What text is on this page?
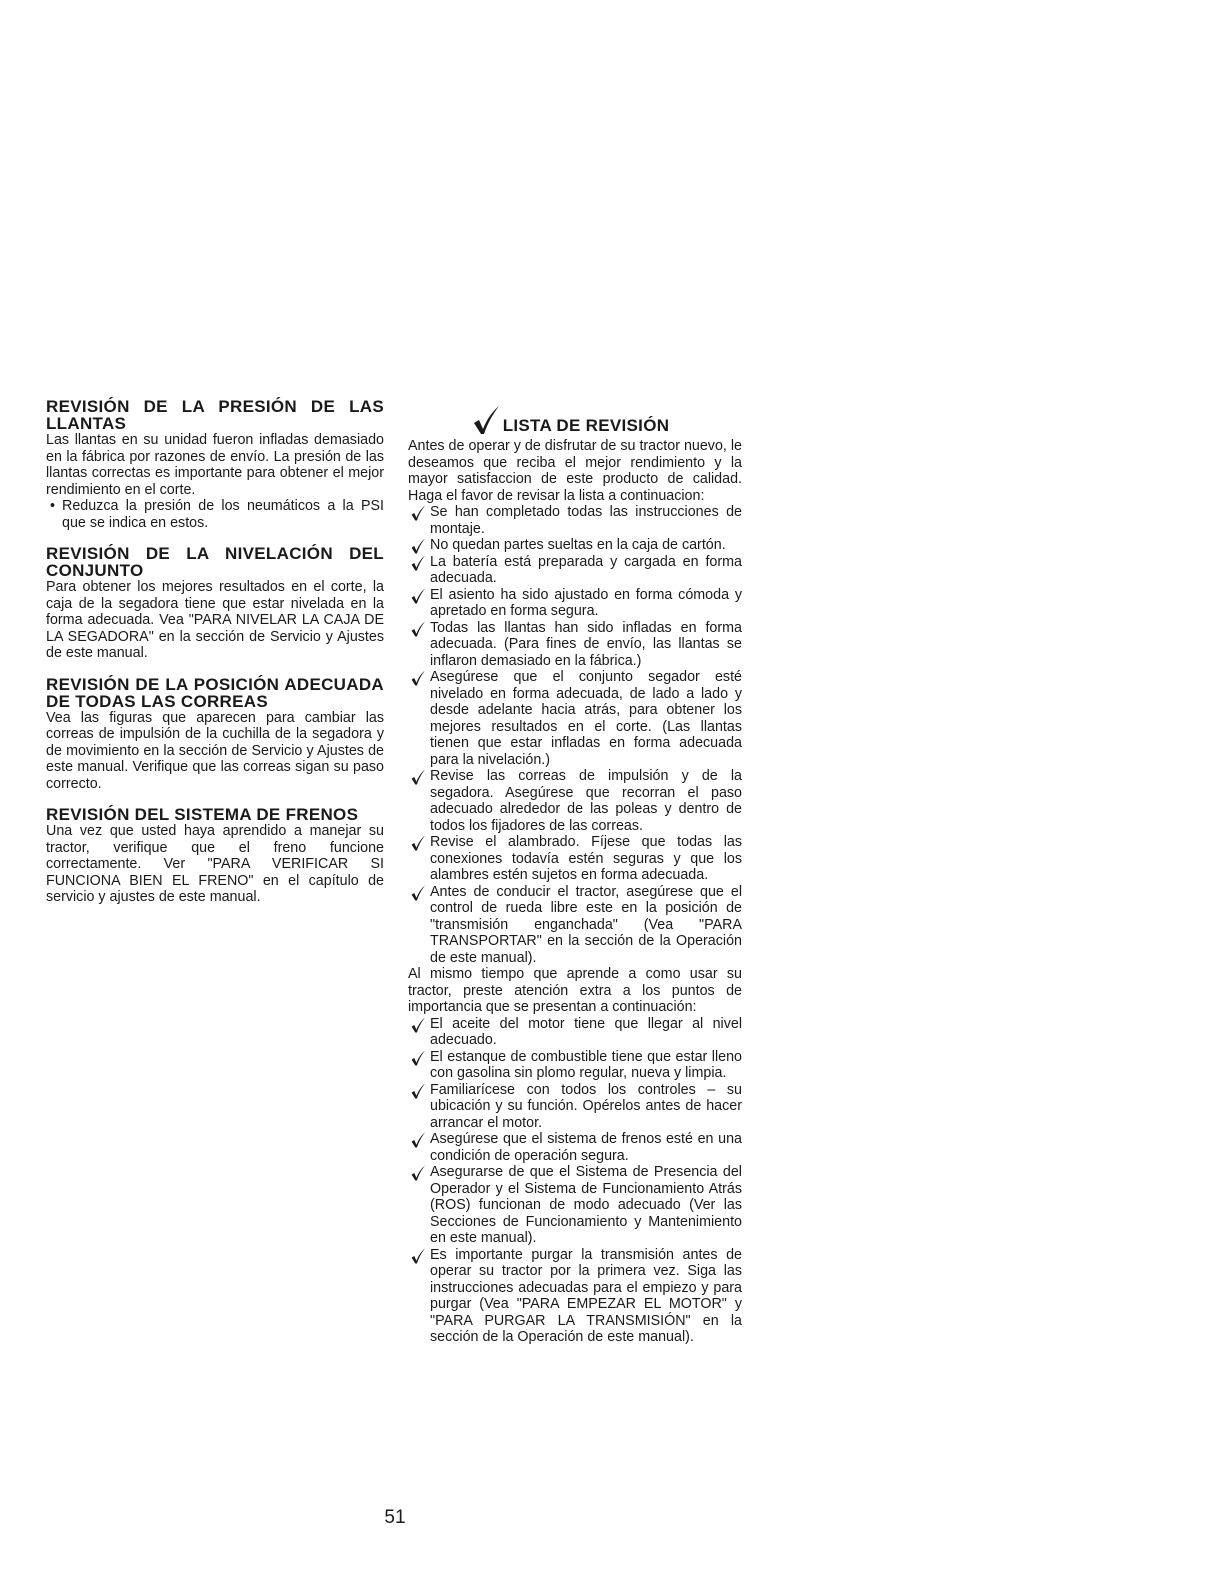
REVISIÓN DE LA PRESIÓN DE LAS LLANTAS

Las llantas en su unidad fueron infladas demasiado en la fábrica por razones de envío. La presión de las llantas correctas es importante para obtener el mejor rendimiento en el corte.

• Reduzca la presión de los neumáticos a la PSI que se indica en estos.
REVISIÓN DE LA NIVELACIÓN DEL CONJUNTO

Para obtener los mejores resultados en el corte, la caja de la segadora tiene que estar nivelada en la forma adecuada. Vea "PARA NIVELAR LA CAJA DE LA SEGADORA" en la sección de Servicio y Ajustes de este manual.

REVISIÓN DE LA POSICIÓN ADECUADA DE TODAS LAS CORREAS

Vea las figuras que aparecen para cambiar las correas de impulsión de la cuchilla de la segadora y de movimiento en la sección de Servicio y Ajustes de este manual. Verifique que las correas sigan su paso correcto.

REVISIÓN DEL SISTEMA DE FRENOS

Una vez que usted haya aprendido a manejar su tractor, verifique que el freno funcione correctamente. Ver "PARA VERIFICAR SI FUNCIONA BIEN EL FRENO" en el capítulo de servicio y ajustes de este manual.

LISTA DE REVISIÓN

Antes de operar y de disfrutar de su tractor nuevo, le deseamos que reciba el mejor rendimiento y la mayor satisfaccion de este producto de calidad. Haga el favor de revisar la lista a continuacion:

Se han completado todas las instrucciones de montaje.
No quedan partes sueltas en la caja de cartón.
La batería está preparada y cargada en forma adecuada.
El asiento ha sido ajustado en forma cómoda y apretado en forma segura.
Todas las llantas han sido infladas en forma adecuada. (Para fines de envío, las llantas se inflaron demasiado en la fábrica.)
Asegúrese que el conjunto segador esté nivelado en forma adecuada, de lado a lado y desde adelante hacia atrás, para obtener los mejores resultados en el corte. (Las llantas tienen que estar infladas en forma adecuada para la nivelación.)
Revise las correas de impulsión y de la segadora. Asegúrese que recorran el paso adecuado alrededor de las poleas y dentro de todos los fijadores de las correas.
Revise el alambrado. Fíjese que todas las conexiones todavía estén seguras y que los alambres estén sujetos en forma adecuada.
Antes de conducir el tractor, asegúrese que el control de rueda libre este en la posición de "transmisión enganchada" (Vea "PARA TRANSPORTAR" en la sección de la Operación de este manual).

Al mismo tiempo que aprende a como usar su tractor, preste atención extra a los puntos de importancia que se presentan a continuación:

El aceite del motor tiene que llegar al nivel adecuado.
El estanque de combustible tiene que estar lleno con gasolina sin plomo regular, nueva y limpia.
Familiarícese con todos los controles – su ubicación y su función. Opérelos antes de hacer arrancar el motor.
Asegúrese que el sistema de frenos esté en una condición de operación segura.
Asegurarse de que el Sistema de Presencia del Operador y el Sistema de Funcionamiento Atrás (ROS) funcionan de modo adecuado (Ver las Secciones de Funcionamiento y Mantenimiento en este manual).
Es importante purgar la transmisión antes de operar su tractor por la primera vez. Siga las instrucciones adecuadas para el empiezo y para purgar (Vea "PARA EMPEZAR EL MOTOR" y "PARA PURGAR LA TRANSMISIÓN" en la sección de la Operación de este manual).
51
